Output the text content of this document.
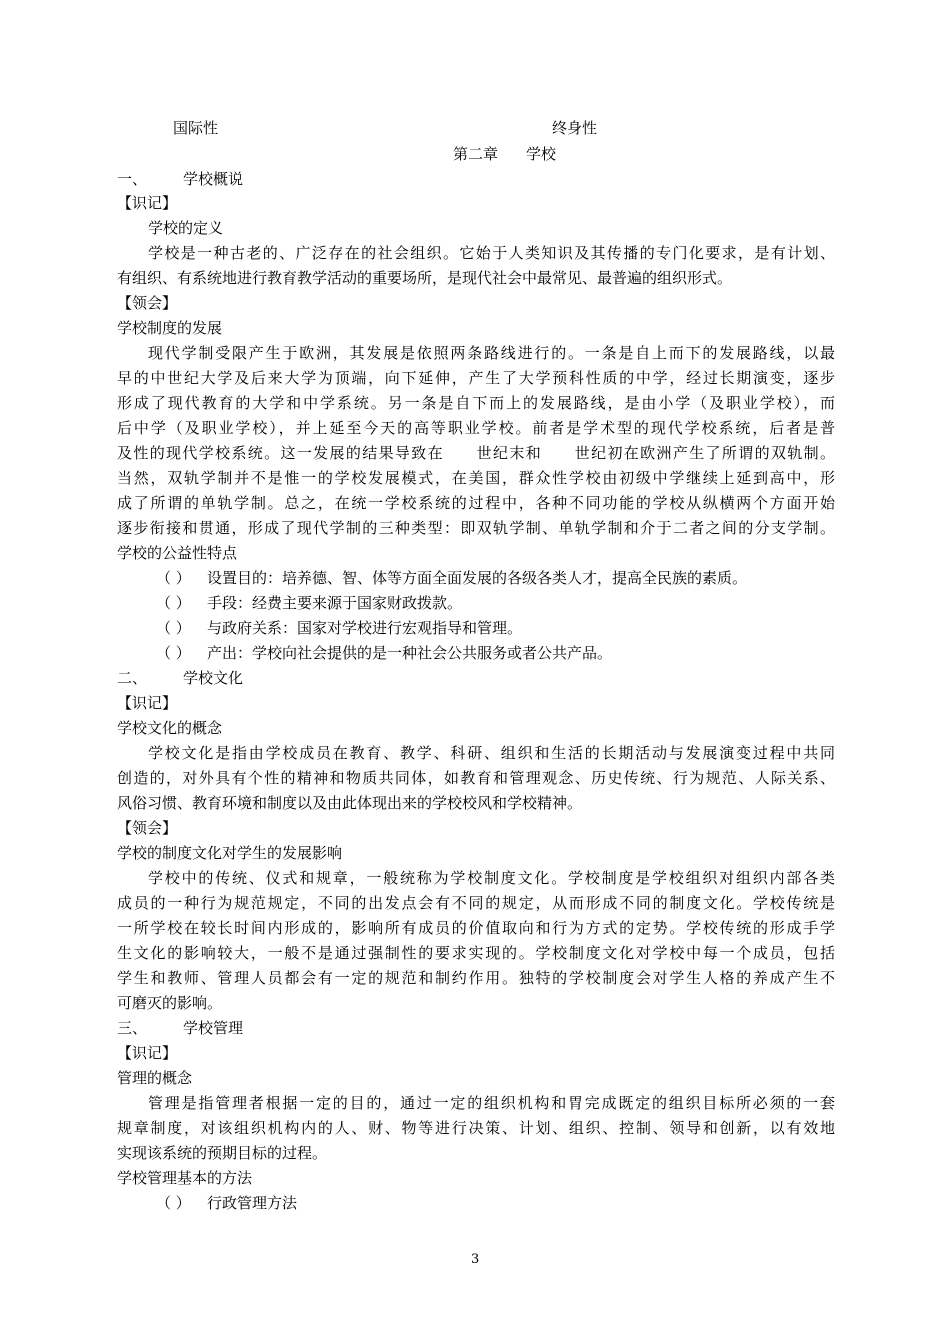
国际性	终身性
第二章 学校
一、 学校概说
【识记】
学校的定义
学校是一种古老的、广泛存在的社会组织。它始于人类知识及其传播的专门化要求，是有计划、
有组织、有系统地进行教育教学活动的重要场所，是现代社会中最常见、最普遍的组织形式。
【领会】
学校制度的发展
现代学制受限产生于欧洲，其发展是依照两条路线进行的。一条是自上而下的发展路线，以最
早的中世纪大学及后来大学为顶端，向下延伸，产生了大学预科性质的中学，经过长期演变，逐步
形成了现代教育的大学和中学系统。另一条是自下而上的发展路线，是由小学（及职业学校），而
后中学（及职业学校），并上延至今天的高等职业学校。前者是学术型的现代学校系统，后者是普
及性的现代学校系统。这一发展的结果导致在　　世纪末和　　世纪初在欧洲产生了所谓的双轨制。
当然，双轨学制并不是惟一的学校发展模式，在美国，群众性学校由初级中学继续上延到高中，形
成了所谓的单轨学制。总之，在统一学校系统的过程中，各种不同功能的学校从纵横两个方面开始
逐步衔接和贯通，形成了现代学制的三种类型：即双轨学制、单轨学制和介于二者之间的分支学制。
学校的公益性特点
（ ） 设置目的：培养德、智、体等方面全面发展的各级各类人才，提高全民族的素质。
（ ） 手段：经费主要来源于国家财政拨款。
（ ） 与政府关系：国家对学校进行宏观指导和管理。
（ ） 产出：学校向社会提供的是一种社会公共服务或者公共产品。
二、 学校文化
【识记】
学校文化的概念
学校文化是指由学校成员在教育、教学、科研、组织和生活的长期活动与发展演变过程中共同
创造的，对外具有个性的精神和物质共同体，如教育和管理观念、历史传统、行为规范、人际关系、
风俗习惯、教育环境和制度以及由此体现出来的学校校风和学校精神。
【领会】
学校的制度文化对学生的发展影响
学校中的传统、仪式和规章，一般统称为学校制度文化。学校制度是学校组织对组织内部各类
成员的一种行为规范规定，不同的出发点会有不同的规定，从而形成不同的制度文化。学校传统是
一所学校在较长时间内形成的，影响所有成员的价值取向和行为方式的定势。学校传统的形成手学
生文化的影响较大，一般不是通过强制性的要求实现的。学校制度文化对学校中每一个成员，包括
学生和教师、管理人员都会有一定的规范和制约作用。独特的学校制度会对学生人格的养成产生不
可磨灭的影响。
三、 学校管理
【识记】
管理的概念
管理是指管理者根据一定的目的，通过一定的组织机构和胃完成既定的组织目标所必须的一套
规章制度，对该组织机构内的人、财、物等进行决策、计划、组织、控制、领导和创新，以有效地
实现该系统的预期目标的过程。
学校管理基本的方法
（ ） 行政管理方法
3
